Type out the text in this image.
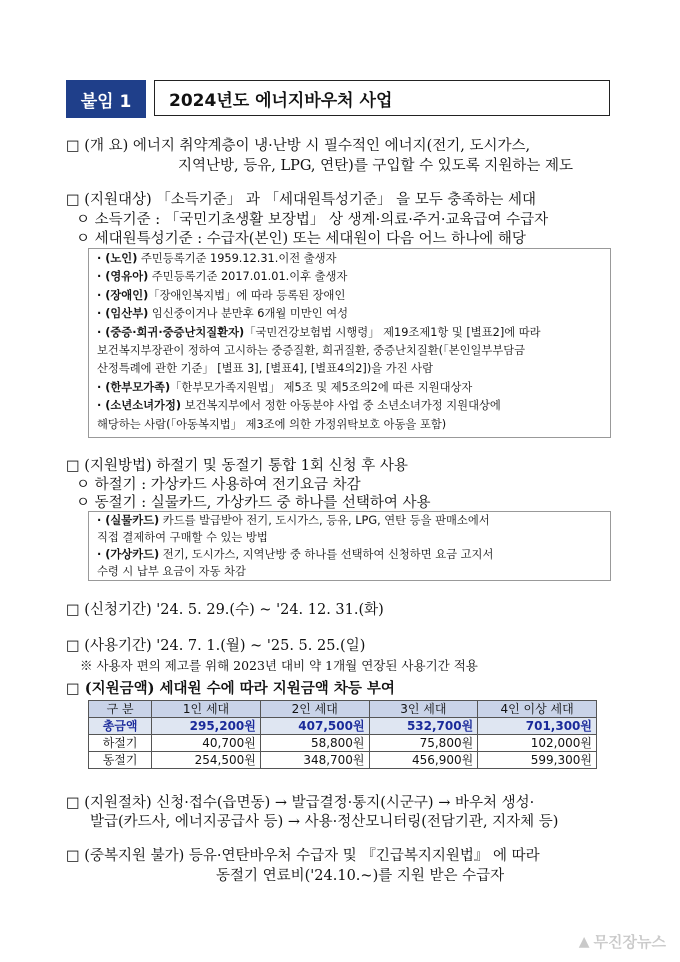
붙임 1	2024년도 에너지바우처 사업
□ (개 요) 에너지 취약계층이 냉·난방 시 필수적인 에너지(전기, 도시가스,
지역난방, 등유, LPG, 연탄)를 구입할 수 있도록 지원하는 제도
□ (지원대상) 「소득기준」 과 「세대원특성기준」 을 모두 충족하는 세대
ㅇ 소득기준 : 「국민기초생활 보장법」 상 생계·의료·주거·교육급여 수급자
ㅇ 세대원특성기준 : 수급자(본인) 또는 세대원이 다음 어느 하나에 해당
· (노인) 주민등록기준 1959.12.31.이전 출생자
· (영유아) 주민등록기준 2017.01.01.이후 출생자
· (장애인)「장애인복지법」에 따라 등록된 장애인
· (임산부) 임신중이거나 분만후 6개월 미만인 여성
· (중증·희귀·중증난치질환자)「국민건강보험법 시행령」 제19조제1항 및 [별표2]에 따라
보건복지부장관이 정하여 고시하는 중증질환, 희귀질환, 중증난치질환(「본인일부부담금
산정특례에 관한 기준」 [별표 3], [별표4], [별표4의2])을 가진 사람
· (한부모가족)「한부모가족지원법」 제5조 및 제5조의2에 따른 지원대상자
· (소년소녀가정) 보건복지부에서 정한 아동분야 사업 중 소년소녀가정 지원대상에
해당하는 사람(「아동복지법」 제3조에 의한 가정위탁보호 아동을 포함)
□ (지원방법) 하절기 및 동절기 통합 1회 신청 후 사용
ㅇ 하절기 : 가상카드 사용하여 전기요금 차감
ㅇ 동절기 : 실물카드, 가상카드 중 하나를 선택하여 사용
· (실물카드) 카드를 발급받아 전기, 도시가스, 등유, LPG, 연탄 등을 판매소에서
직접 결제하여 구매할 수 있는 방법
· (가상카드) 전기, 도시가스, 지역난방 중 하나를 선택하여 신청하면 요금 고지서
수령 시 납부 요금이 자동 차감
□ (신청기간) '24. 5. 29.(수) ~ '24. 12. 31.(화)
□ (사용기간) '24. 7. 1.(월) ~ '25. 5. 25.(일)
※ 사용자 편의 제고를 위해 2023년 대비 약 1개월 연장된 사용기간 적용
□ (지원금액) 세대원 수에 따라 지원금액 차등 부여
구 분	1인 세대	2인 세대	3인 세대	4인 이상 세대
총금액	295,200원	407,500원	532,700원	701,300원
하절기	40,700원	58,800원	75,800원	102,000원
동절기	254,500원	348,700원	456,900원	599,300원
□ (지원절차) 신청·접수(읍면동) → 발급결정·통지(시군구) → 바우처 생성·
발급(카드사, 에너지공급사 등) → 사용·정산모니터링(전담기관, 지자체 등)
□ (중복지원 불가) 등유·연탄바우처 수급자 및 『긴급복지지원법』 에 따라
동절기 연료비('24.10.~)를 지원 받은 수급자
▲ 무진장뉴스
